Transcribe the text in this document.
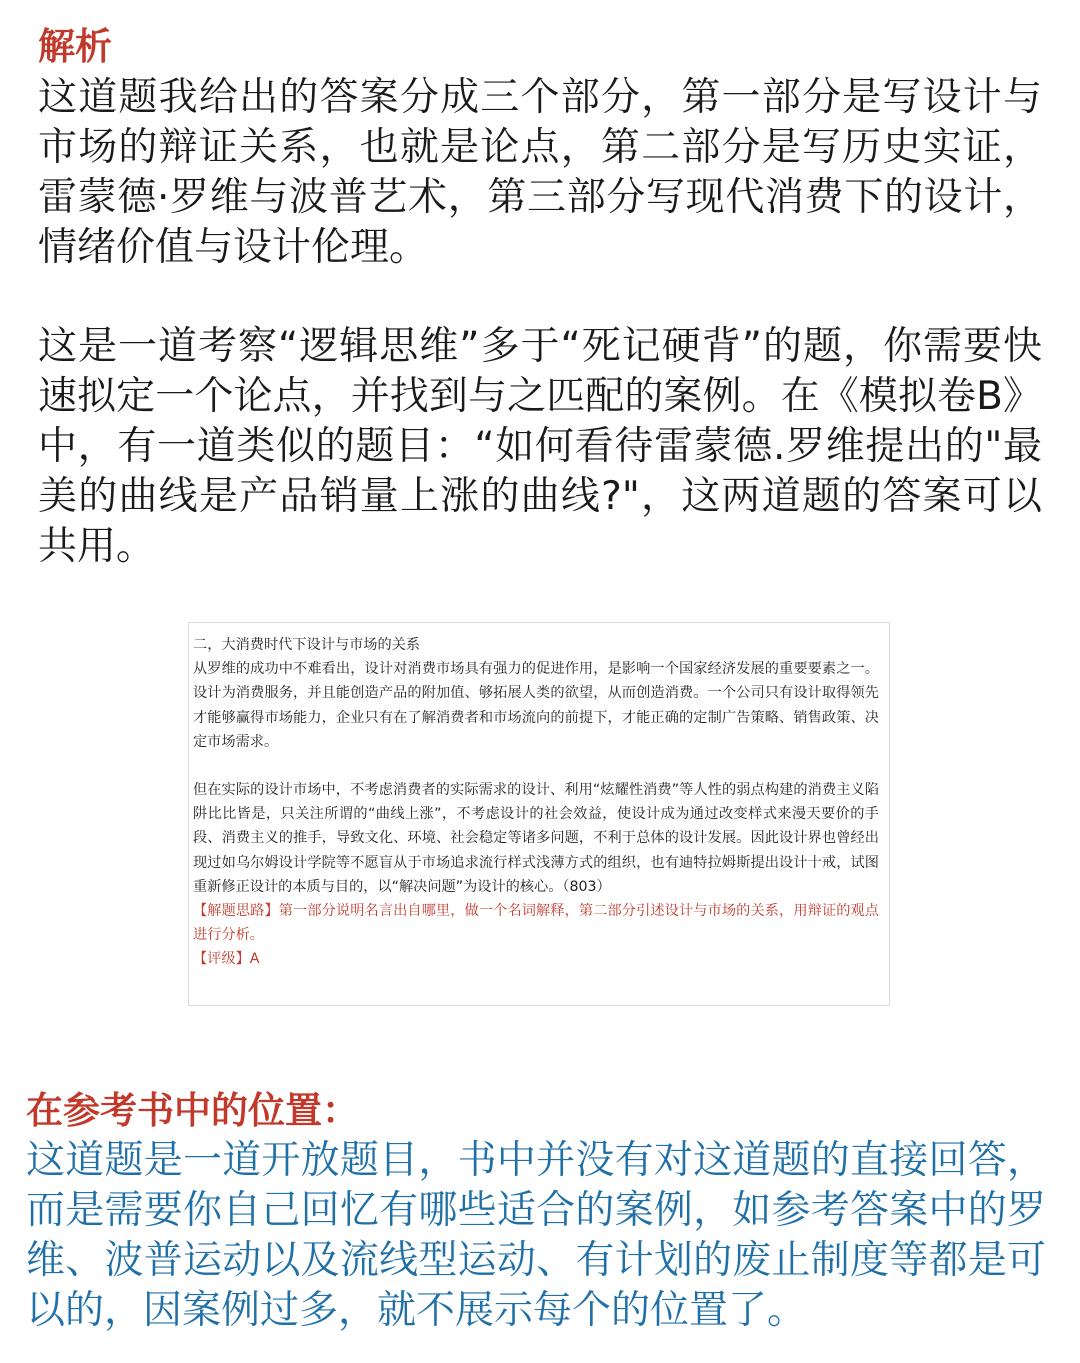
解析

这道题我给出的答案分成三个部分，第一部分是写设计与市场的辩证关系，也就是论点，第二部分是写历史实证，雷蒙德·罗维与波普艺术，第三部分写现代消费下的设计，情绪价值与设计伦理。

这是一道考察“逻辑思维”多于“死记硬背”的题，你需要快速拟定一个论点，并找到与之匹配的案例。在《模拟卷B》中，有一道类似的题目：“如何看待雷蒙德.罗维提出的"最美的曲线是产品销量上涨的曲线?"，这两道题的答案可以共用。

二，大消费时代下设计与市场的关系

从罗维的成功中不难看出，设计对消费市场具有强力的促进作用，是影响一个国家经济发展的重要要素之一。设计为消费服务，并且能创造产品的附加值、够拓展人类的欲望，从而创造消费。一个公司只有设计取得领先才能够赢得市场能力，企业只有在了解消费者和市场流向的前提下，才能正确的定制广告策略、销售政策、决定市场需求。

但在实际的设计市场中，不考虑消费者的实际需求的设计、利用“炫耀性消费”等人性的弱点构建的消费主义陷阱比比皆是，只关注所谓的“曲线上涨”，不考虑设计的社会效益，使设计成为通过改变样式来漫天要价的手段、消费主义的推手，导致文化、环境、社会稳定等诸多问题，不利于总体的设计发展。因此设计界也曾经出现过如乌尔姆设计学院等不愿盲从于市场追求流行样式浅薄方式的组织，也有迪特拉姆斯提出设计十戒，试图重新修正设计的本质与目的，以“解决问题”为设计的核心。（803）

【解题思路】第一部分说明名言出自哪里，做一个名词解释，第二部分引述设计与市场的关系，用辩证的观点进行分析。

【评级】A

在参考书中的位置：

这道题是一道开放题目，书中并没有对这道题的直接回答，而是需要你自己回忆有哪些适合的案例，如参考答案中的罗维、波普运动以及流线型运动、有计划的废止制度等都是可以的，因案例过多，就不展示每个的位置了。
